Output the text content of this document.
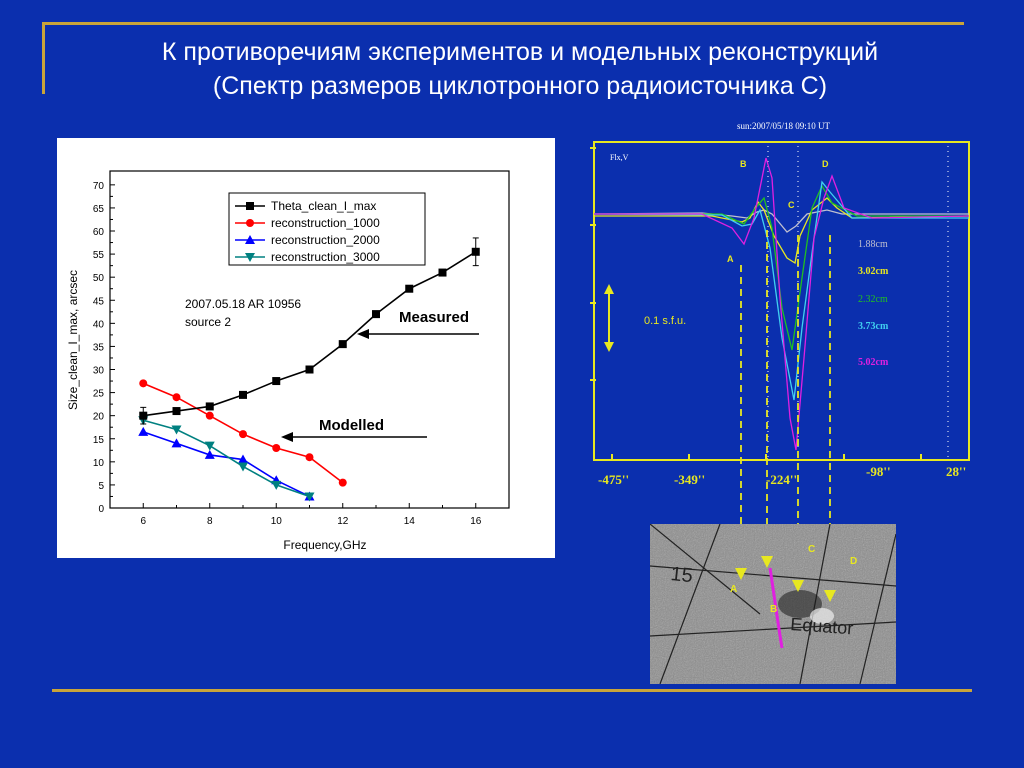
К противоречиям экспериментов и модельных реконструкций
(Спектр размеров циклотронного радиоисточника С)
0
5
10
15
20
25
30
35
40
45
50
55
60
65
70
6	8	10	12	14	16
Theta_clean_I_max
reconstruction_1000
reconstruction_2000
reconstruction_3000
Size_clean_I_max, arcsec
Frequency,GHz
2007.05.18 AR 10956
source 2	Measured
Modelled
sun:2007/05/18 09:10 UT
Flx,V
B	D
C
A
1.88cm
3.02cm
2.32cm
3.73cm
5.02cm
0.1 s.f.u.
-475''	-349''	-224''
-98''	28''
C
D
A
B
15
Equator
